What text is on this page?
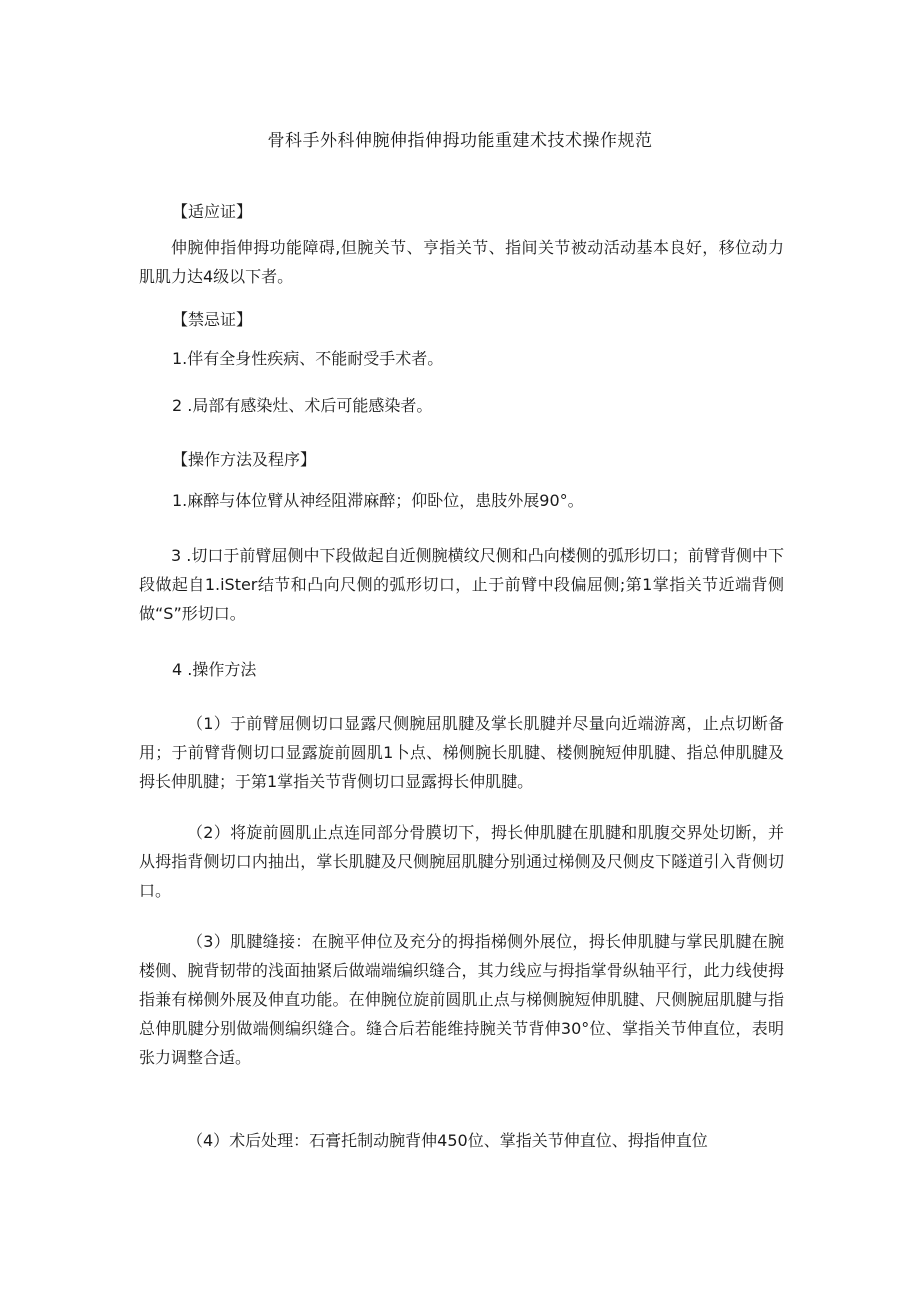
骨科手外科伸腕伸指伸拇功能重建术技术操作规范

【适应证】

伸腕伸指伸拇功能障碍,但腕关节、亨指关节、指间关节被动活动基本良好，移位动力肌肌力达4级以下者。

【禁忌证】

1.伴有全身性疾病、不能耐受手术者。

2 .局部有感染灶、术后可能感染者。

【操作方法及程序】

1.麻醉与体位臂从神经阻滞麻醉；仰卧位，患肢外展90°。

3 .切口于前臂屈侧中下段做起自近侧腕横纹尺侧和凸向楼侧的弧形切口；前臂背侧中下段做起自1.iSter结节和凸向尺侧的弧形切口，止于前臂中段偏屈侧;第1掌指关节近端背侧做“S”形切口。

4 .操作方法

（1）于前臂屈侧切口显露尺侧腕屈肌腱及掌长肌腱并尽量向近端游离，止点切断备用；于前臂背侧切口显露旋前圆肌1卜点、梯侧腕长肌腱、楼侧腕短伸肌腱、指总伸肌腱及拇长伸肌腱；于第1掌指关节背侧切口显露拇长伸肌腱。

（2）将旋前圆肌止点连同部分骨膜切下，拇长伸肌腱在肌腱和肌腹交界处切断，并从拇指背侧切口内抽出，掌长肌腱及尺侧腕屈肌腱分别通过梯侧及尺侧皮下隧道引入背侧切口。

（3）肌腱缝接：在腕平伸位及充分的拇指梯侧外展位，拇长伸肌腱与掌民肌腱在腕楼侧、腕背韧带的浅面抽紧后做端端编织缝合，其力线应与拇指掌骨纵轴平行，此力线使拇指兼有梯侧外展及伸直功能。在伸腕位旋前圆肌止点与梯侧腕短伸肌腱、尺侧腕屈肌腱与指总伸肌腱分别做端侧编织缝合。缝合后若能维持腕关节背伸30°位、掌指关节伸直位，表明张力调整合适。

（4）术后处理：石膏托制动腕背伸450位、掌指关节伸直位、拇指伸直位
